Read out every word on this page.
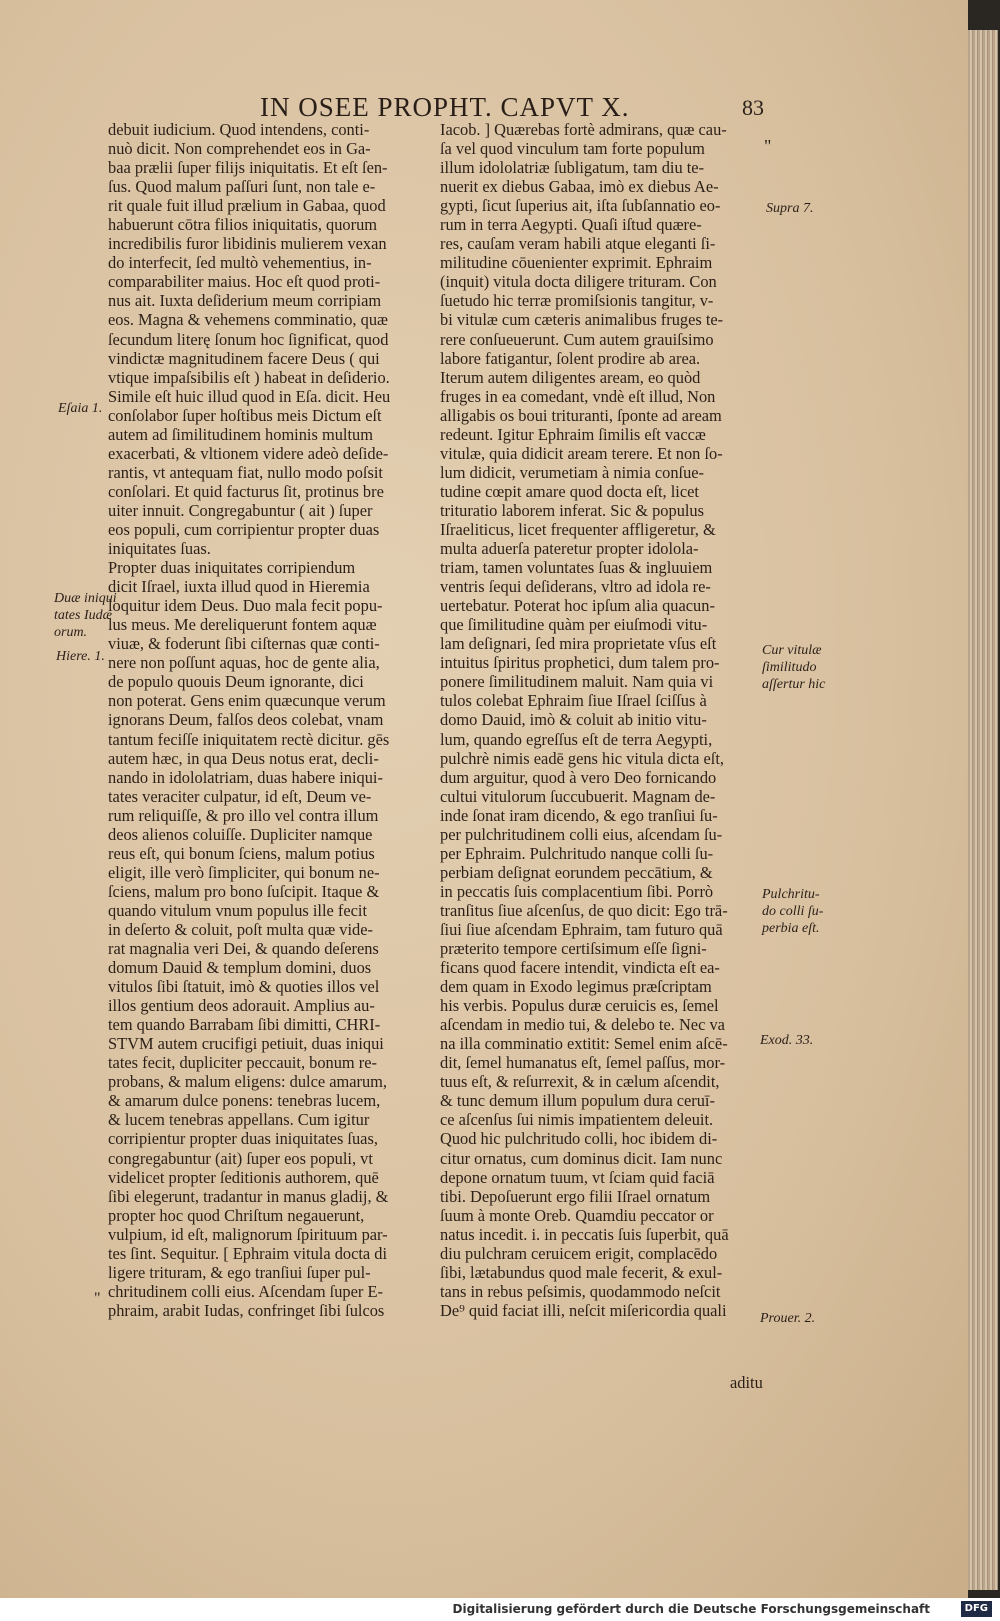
IN OSEE PROPHT. CAPVT X.	83
debuit iudicium. Quod intendens, conti-
nuò dicit. Non comprehendet eos in Ga-
baa prælii ſuper filijs iniquitatis. Et eſt ſen-
ſus. Quod malum paſſuri ſunt, non tale e-
rit quale fuit illud prælium in Gabaa, quod
habuerunt cōtra filios iniquitatis, quorum
incredibilis furor libidinis mulierem vexan
do interfecit, ſed multò vehementius, in-
comparabiliter maius. Hoc eſt quod proti-
nus ait. Iuxta deſiderium meum corripiam
eos. Magna & vehemens comminatio, quæ
ſecundum literę ſonum hoc ſignificat, quod
vindictæ magnitudinem facere Deus ( qui
vtique impaſsibilis eſt ) habeat in deſiderio.
Simile eſt huic illud quod in Eſa. dicit. Heu
conſolabor ſuper hoſtibus meis Dictum eſt
autem ad ſimilitudinem hominis multum
exacerbati, & vltionem videre adeò deſide-
rantis, vt antequam fiat, nullo modo poſsit
conſolari. Et quid facturus ſit, protinus bre
uiter innuit. Congregabuntur ( ait ) ſuper
eos populi, cum corripientur propter duas
iniquitates ſuas.
Propter duas iniquitates corripiendum
dicit Iſrael, iuxta illud quod in Hieremia
loquitur idem Deus. Duo mala fecit popu-
lus meus. Me dereliquerunt fontem aquæ
viuæ, & foderunt ſibi ciſternas quæ conti-
nere non poſſunt aquas, hoc de gente alia,
de populo quouis Deum ignorante, dici
non poterat. Gens enim quæcunque verum
ignorans Deum, falſos deos colebat, vnam
tantum feciſſe iniquitatem rectè dicitur. gēs
autem hæc, in qua Deus notus erat, decli-
nando in idololatriam, duas habere iniqui-
tates veraciter culpatur, id eſt, Deum ve-
rum reliquiſſe, & pro illo vel contra illum
deos alienos coluiſſe. Dupliciter namque
reus eſt, qui bonum ſciens, malum potius
eligit, ille verò ſimpliciter, qui bonum ne-
ſciens, malum pro bono ſuſcipit. Itaque &
quando vitulum vnum populus ille fecit
in deſerto & coluit, poſt multa quæ vide-
rat magnalia veri Dei, & quando deſerens
domum Dauid & templum domini, duos
vitulos ſibi ſtatuit, imò & quoties illos vel
illos gentium deos adorauit. Amplius au-
tem quando Barrabam ſibi dimitti, CHRI-
STVM autem crucifigi petiuit, duas iniqui
tates fecit, dupliciter peccauit, bonum re-
probans, & malum eligens: dulce amarum,
& amarum dulce ponens: tenebras lucem,
& lucem tenebras appellans. Cum igitur
corripientur propter duas iniquitates ſuas,
congregabuntur (ait) ſuper eos populi, vt
videlicet propter ſeditionis authorem, quē
ſibi elegerunt, tradantur in manus gladij, &
propter hoc quod Chriſtum negauerunt,
vulpium, id eſt, malignorum ſpirituum par-
tes ſint. Sequitur. [ Ephraim vitula docta di
ligere trituram, & ego tranſiui ſuper pul-
chritudinem colli eius. Aſcendam ſuper E-
phraim, arabit Iudas, confringet ſibi ſulcos
Iacob. ] Quærebas fortè admirans, quæ cau-
ſa vel quod vinculum tam forte populum
illum idololatriæ ſubligatum, tam diu te-
nuerit ex diebus Gabaa, imò ex diebus Ae-
gypti, ſicut ſuperius ait, iſta ſubſannatio eo-
rum in terra Aegypti. Quaſi iſtud quære-
res, cauſam veram habili atque eleganti ſi-
militudine cōuenienter exprimit. Ephraim
(inquit) vitula docta diligere trituram. Con
ſuetudo hic terræ promiſsionis tangitur, v-
bi vitulæ cum cæteris animalibus fruges te-
rere conſueuerunt. Cum autem grauiſsimo
labore fatigantur, ſolent prodire ab area.
Iterum autem diligentes aream, eo quòd
fruges in ea comedant, vndè eſt illud, Non
alligabis os boui trituranti, ſponte ad aream
redeunt. Igitur Ephraim ſimilis eſt vaccæ
vitulæ, quia didicit aream terere. Et non ſo-
lum didicit, verumetiam à nimia conſue-
tudine cœpit amare quod docta eſt, licet
trituratio laborem inferat. Sic & populus
Iſraeliticus, licet frequenter affligeretur, &
multa aduerſa pateretur propter idolola-
triam, tamen voluntates ſuas & ingluuiem
ventris ſequi deſiderans, vltro ad idola re-
uertebatur. Poterat hoc ipſum alia quacun-
que ſimilitudine quàm per eiuſmodi vitu-
lam deſignari, ſed mira proprietate vſus eſt
intuitus ſpiritus prophetici, dum talem pro-
ponere ſimilitudinem maluit. Nam quia vi
tulos colebat Ephraim ſiue Iſrael ſciſſus à
domo Dauid, imò & coluit ab initio vitu-
lum, quando egreſſus eſt de terra Aegypti,
pulchrè nimis eadē gens hic vitula dicta eſt,
dum arguitur, quod à vero Deo fornicando
cultui vitulorum ſuccubuerit. Magnam de-
inde ſonat iram dicendo, & ego tranſiui ſu-
per pulchritudinem colli eius, aſcendam ſu-
per Ephraim. Pulchritudo nanque colli ſu-
perbiam deſignat eorundem peccātium, &
in peccatis ſuis complacentium ſibi. Porrò
tranſitus ſiue aſcenſus, de quo dicit: Ego trā-
ſiui ſiue aſcendam Ephraim, tam futuro quā
præterito tempore certiſsimum eſſe ſigni-
ficans quod facere intendit, vindicta eſt ea-
dem quam in Exodo legimus præſcriptam
his verbis. Populus duræ ceruicis es, ſemel
aſcendam in medio tui, & delebo te. Nec va
na illa comminatio extitit: Semel enim aſcē-
dit, ſemel humanatus eſt, ſemel paſſus, mor-
tuus eſt, & reſurrexit, & in cælum aſcendit,
& tunc demum illum populum dura ceruī-
ce aſcenſus ſui nimis impatientem deleuit.
Quod hic pulchritudo colli, hoc ibidem di-
citur ornatus, cum dominus dicit. Iam nunc
depone ornatum tuum, vt ſciam quid faciā
tibi. Depoſuerunt ergo filii Iſrael ornatum
ſuum à monte Oreb. Quamdiu peccator or
natus incedit. i. in peccatis ſuis ſuperbit, quā
diu pulchram ceruicem erigit, complacēdo
ſibi, lætabundus quod male fecerit, & exul-
tans in rebus peſsimis, quodammodo neſcit
De⁹ quid faciat illi, neſcit miſericordia quali
Eſaia 1.
Duæ iniqui
tates Iudæ
orum.
Hiere. 1.
Supra 7.
Cur vitulæ
ſimilitudo
aſſertur hic
Pulchritu-
do colli ſu-
perbia eſt.
Exod. 33.
Prouer. 2.
"
"
aditu
Digitalisierung gefördert durch die Deutsche Forschungsgemeinschaft	DFG
